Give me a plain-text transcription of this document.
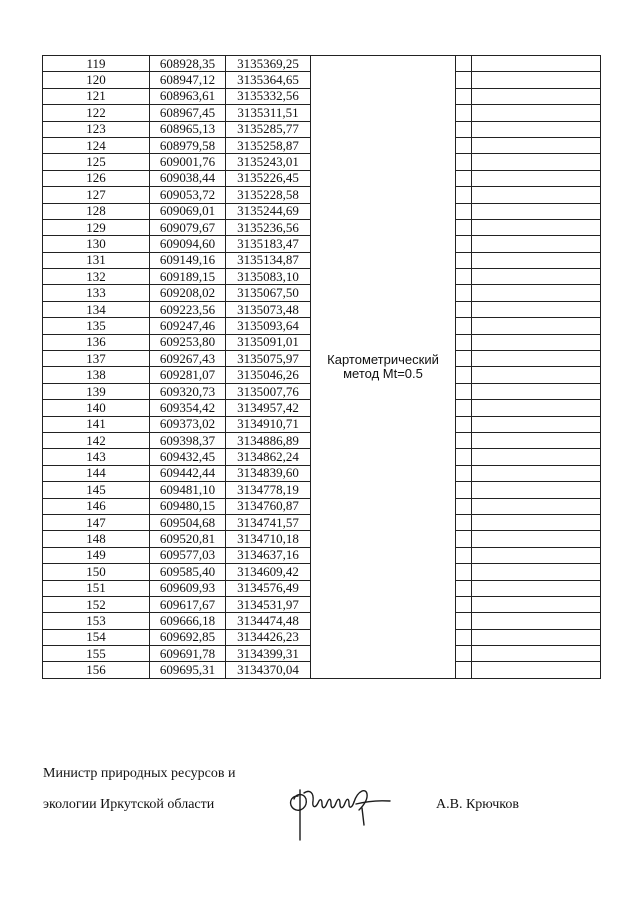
119	608928,35	3135369,25	Картометрический
метод Mt=0.5		

120	608947,12	3135364,65			
121	608963,61	3135332,56			
122	608967,45	3135311,51			
123	608965,13	3135285,77			
124	608979,58	3135258,87			
125	609001,76	3135243,01			
126	609038,44	3135226,45			
127	609053,72	3135228,58			
128	609069,01	3135244,69			
129	609079,67	3135236,56			
130	609094,60	3135183,47			
131	609149,16	3135134,87			
132	609189,15	3135083,10			
133	609208,02	3135067,50			
134	609223,56	3135073,48			
135	609247,46	3135093,64			
136	609253,80	3135091,01			
137	609267,43	3135075,97			
138	609281,07	3135046,26			
139	609320,73	3135007,76			
140	609354,42	3134957,42			
141	609373,02	3134910,71			
142	609398,37	3134886,89			
143	609432,45	3134862,24			
144	609442,44	3134839,60			
145	609481,10	3134778,19			
146	609480,15	3134760,87			
147	609504,68	3134741,57			
148	609520,81	3134710,18			
149	609577,03	3134637,16			
150	609585,40	3134609,42			
151	609609,93	3134576,49			
152	609617,67	3134531,97			
153	609666,18	3134474,48			
154	609692,85	3134426,23			
155	609691,78	3134399,31			
156	609695,31	3134370,04			
Министр природных ресурсов и
экологии Иркутской области	А.В. Крючков
